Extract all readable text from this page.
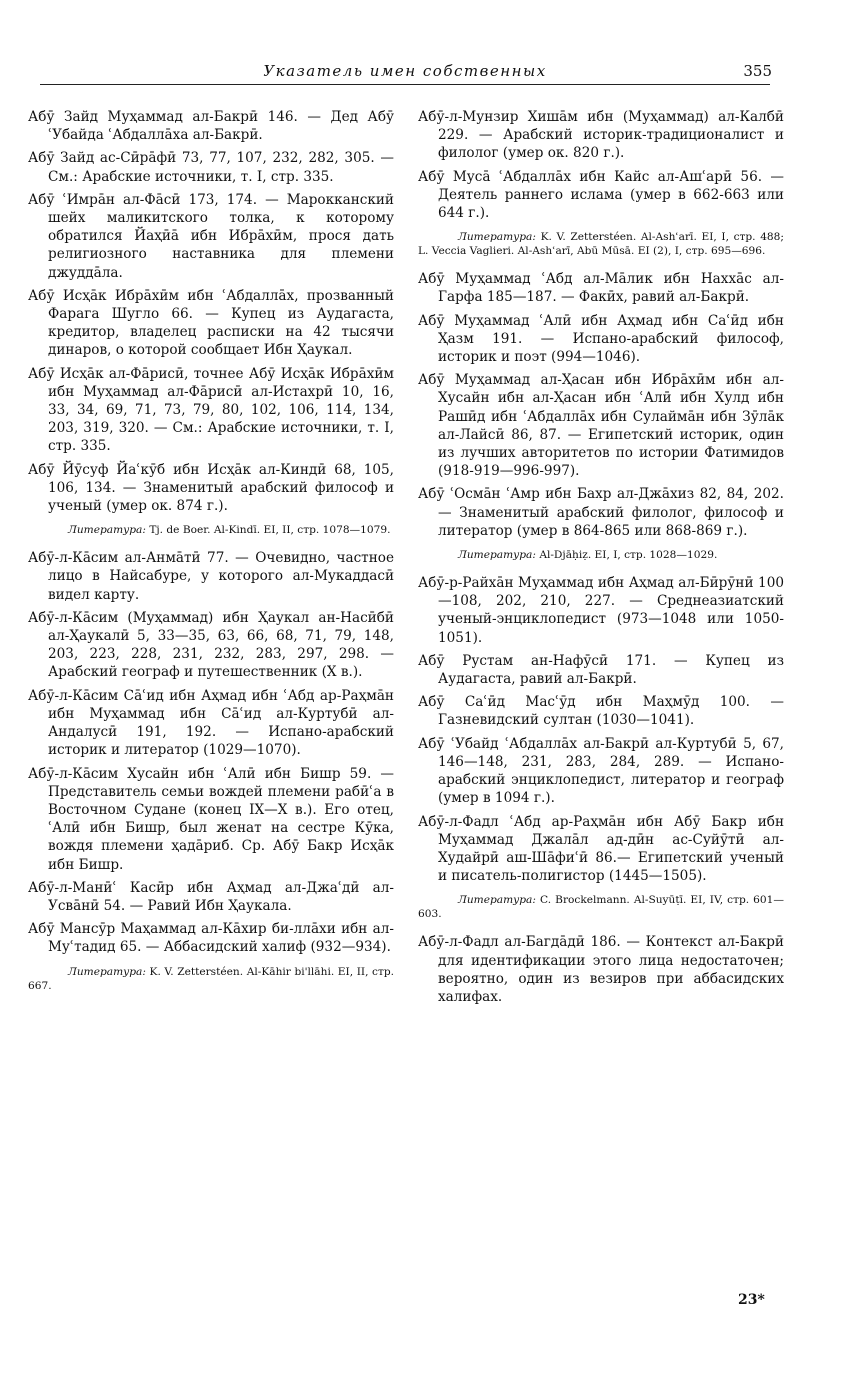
Указатель имен собственных	355

Абӯ Зайд Муҳаммад ал-Бакрӣ 146. — Дед Абӯ ʿУбайда ʿАбдаллāха ал-Бакрӣ.

Абӯ Зайд ас-Сӣрāфӣ 73, 77, 107, 232, 282, 305. — См.: Арабские источники, т. I, стр. 335.

Абӯ ʿИмрāн ал-Фāсӣ 173, 174. — Марокканский шейх маликитского толка, к которому обратился Йаҳӣā ибн Ибрāхӣм, прося дать религиозного наставника для племени джуддāла.

Абӯ Исҳāк Ибрāхӣм ибн ʿАбдаллāх, прозванный Фарага Шугло 66. — Купец из Аудагаста, кредитор, владелец расписки на 42 тысячи динаров, о которой сообщает Ибн Ҳаукал.

Абӯ Исҳāк ал-Фāрисӣ, точнее Абӯ Исҳāк Ибрāхӣм ибн Муҳаммад ал-Фāрисӣ ал-Истахрӣ 10, 16, 33, 34, 69, 71, 73, 79, 80, 102, 106, 114, 134, 203, 319, 320. — См.: Арабские источники, т. I, стр. 335.

Абӯ Йӯсуф Йаʿкӯб ибн Исҳāк ал-Киндӣ 68, 105, 106, 134. — Знаменитый арабский философ и ученый (умер ок. 874 г.).

Литература: Tj. de Boer. Al-Kindī. EI, II, стр. 1078—1079.

Абӯ-л-Кāсим ал-Анмāтӣ 77. — Очевидно, частное лицо в Найсабуре, у которого ал-Мукаддасӣ видел карту.

Абӯ-л-Кāсим (Муҳаммад) ибн Ҳаукал ан-Насӣбӣ ал-Ҳаукалӣ 5, 33—35, 63, 66, 68, 71, 79, 148, 203, 223, 228, 231, 232, 283, 297, 298. — Арабский географ и путешественник (X в.).

Абӯ-л-Кāсим Сāʿид ибн Аҳмад ибн ʿАбд ар-Раҳмāн ибн Муҳаммад ибн Сāʿид ал-Куртубӣ ал-Андалусӣ 191, 192. — Испано-арабский историк и литератор (1029—1070).

Абӯ-л-Кāсим Хусайн ибн ʿАлӣ ибн Бишр 59. — Представитель семьи вождей племени рабӣʿа в Восточном Судане (конец IX—X в.). Его отец, ʿАлӣ ибн Бишр, был женат на сестре Кӯка, вождя племени ҳадāриб. Ср. Абӯ Бакр Исҳāк ибн Бишр.

Абӯ-л-Манӣʿ Касӣр ибн Аҳмад ал-Джаʿдӣ ал-Усвāнӣ 54. — Равий Ибн Ҳаукала.

Абӯ Мансӯр Маҳаммад ал-Кāхир би-ллāхи ибн ал-Муʿтадид 65. — Аббасидский халиф (932—934).

Литература: K. V. Zetterstéen. Al-Kāhir bi'llāhi. EI, II, стр. 667.

Абӯ-л-Мунзир Хишāм ибн (Муҳаммад) ал-Калбӣ 229. — Арабский историк-традиционалист и филолог (умер ок. 820 г.).

Абӯ Мусā ʿАбдаллāх ибн Кайс ал-Ашʿарӣ 56. — Деятель раннего ислама (умер в 662-663 или 644 г.).

Литература: K. V. Zetterstéen. Al-Ashʿarī. EI, I, стр. 488; L. Veccia Vaglieri. Al-Ashʿarī, Abū Mūsā. EI (2), I, стр. 695—696.

Абӯ Муҳаммад ʿАбд ал-Мāлик ибн Наххāс ал-Гарфа 185—187. — Факӣх, равий ал-Бакрӣ.

Абӯ Муҳаммад ʿАлӣ ибн Аҳмад ибн Саʿӣд ибн Ҳазм 191. — Испано-арабский философ, историк и поэт (994—1046).

Абӯ Муҳаммад ал-Ҳасан ибн Ибрāхӣм ибн ал-Хусайн ибн ал-Ҳасан ибн ʿАлӣ ибн Хулд ибн Рашӣд ибн ʿАбдаллāх ибн Сулаймāн ибн Зӯлāк ал-Лайсӣ 86, 87. — Египетский историк, один из лучших авторитетов по истории Фатимидов (918-919—996-997).

Абӯ ʿОсмāн ʿАмр ибн Бахр ал-Джāхиз 82, 84, 202. — Знаменитый арабский филолог, философ и литератор (умер в 864-865 или 868-869 г.).

Литература: Al-Djāḥiẓ. EI, I, стр. 1028—1029.

Абӯ-р-Райхāн Муҳаммад ибн Аҳмад ал-Бӣрӯнӣ 100—108, 202, 210, 227. — Среднеазиатский ученый-энциклопедист (973—1048 или 1050-1051).

Абӯ Рустам ан-Нафӯсӣ 171. — Купец из Аудагаста, равий ал-Бакрӣ.

Абӯ Саʿӣд Масʿӯд ибн Маҳмӯд 100. — Газневидский султан (1030—1041).

Абӯ ʿУбайд ʿАбдаллāх ал-Бакрӣ ал-Куртубӣ 5, 67, 146—148, 231, 283, 284, 289. — Испано-арабский энциклопедист, литератор и географ (умер в 1094 г.).

Абӯ-л-Фадл ʿАбд ар-Раҳмāн ибн Абӯ Бакр ибн Муҳаммад Джалāл ад-дӣн ас-Суйӯтӣ ал-Худайрӣ аш-Шāфиʿӣ 86.— Египетский ученый и писатель-полигистор (1445—1505).

Литература: C. Brockelmann. Al-Suyūṭī. EI, IV, стр. 601—603.

Абӯ-л-Фадл ал-Багдāдӣ 186. — Контекст ал-Бакрӣ для идентификации этого лица недостаточен; вероятно, один из везиров при аббасидских халифах.

23*
